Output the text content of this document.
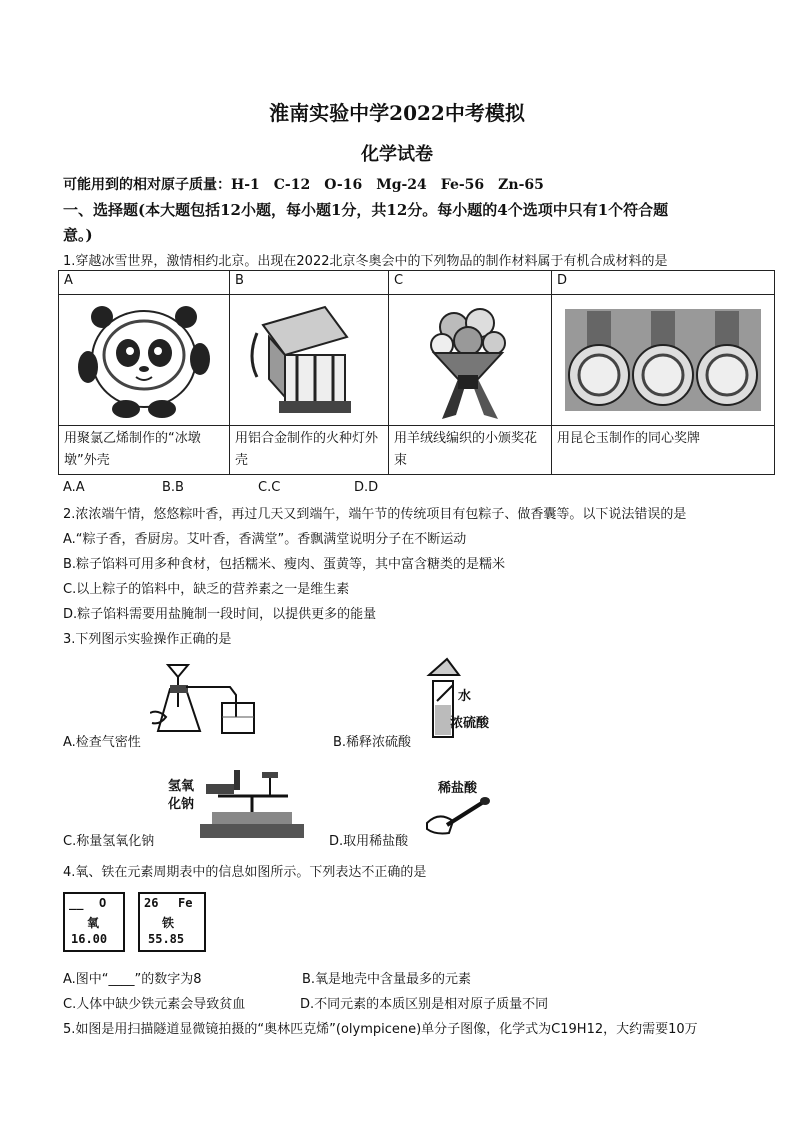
淮南实验中学2022中考模拟
化学试卷
可能用到的相对原子质量：H-1　C-12　O-16　Mg-24　Fe-56　Zn-65
一、选择题(本大题包括12小题，每小题1分，共12分。每小题的4个选项中只有1个符合题
意。)
1.穿越冰雪世界，激情相约北京。出现在2022北京冬奥会中的下列物品的制作材料属于有机合成材料的是
A	B	C	D

用聚氯乙烯制作的“冰墩墩”外壳	用铝合金制作的火种灯外壳	用羊绒线编织的小颁奖花束	用昆仑玉制作的同心奖牌
A.A	B.B	C.C	D.D
2.浓浓端午情，悠悠粽叶香，再过几天又到端午，端午节的传统项目有包粽子、做香囊等。以下说法错误的是
A.“粽子香，香厨房。艾叶香，香满堂”。香飘满堂说明分子在不断运动
B.粽子馅料可用多种食材，包括糯米、瘦肉、蛋黄等，其中富含糖类的是糯米
C.以上粽子的馅料中，缺乏的营养素之一是维生素
D.粽子馅料需要用盐腌制一段时间，以提供更多的能量
3.下列图示实验操作正确的是
A.检查气密性
水
浓硫酸
B.稀释浓硫酸
氢氧
化钠
C.称量氢氧化钠
稀盐酸
D.取用稀盐酸
4.氧、铁在元素周期表中的信息如图所示。下列表达不正确的是
__ O
氧
16.00
26 Fe
铁
55.85
A.图中“____”的数字为8	B.氧是地壳中含量最多的元素
C.人体中缺少铁元素会导致贫血	D.不同元素的本质区别是相对原子质量不同
5.如图是用扫描隧道显微镜拍摄的“奥林匹克烯”(olympicene)单分子图像，化学式为C19H12，大约需要10万
